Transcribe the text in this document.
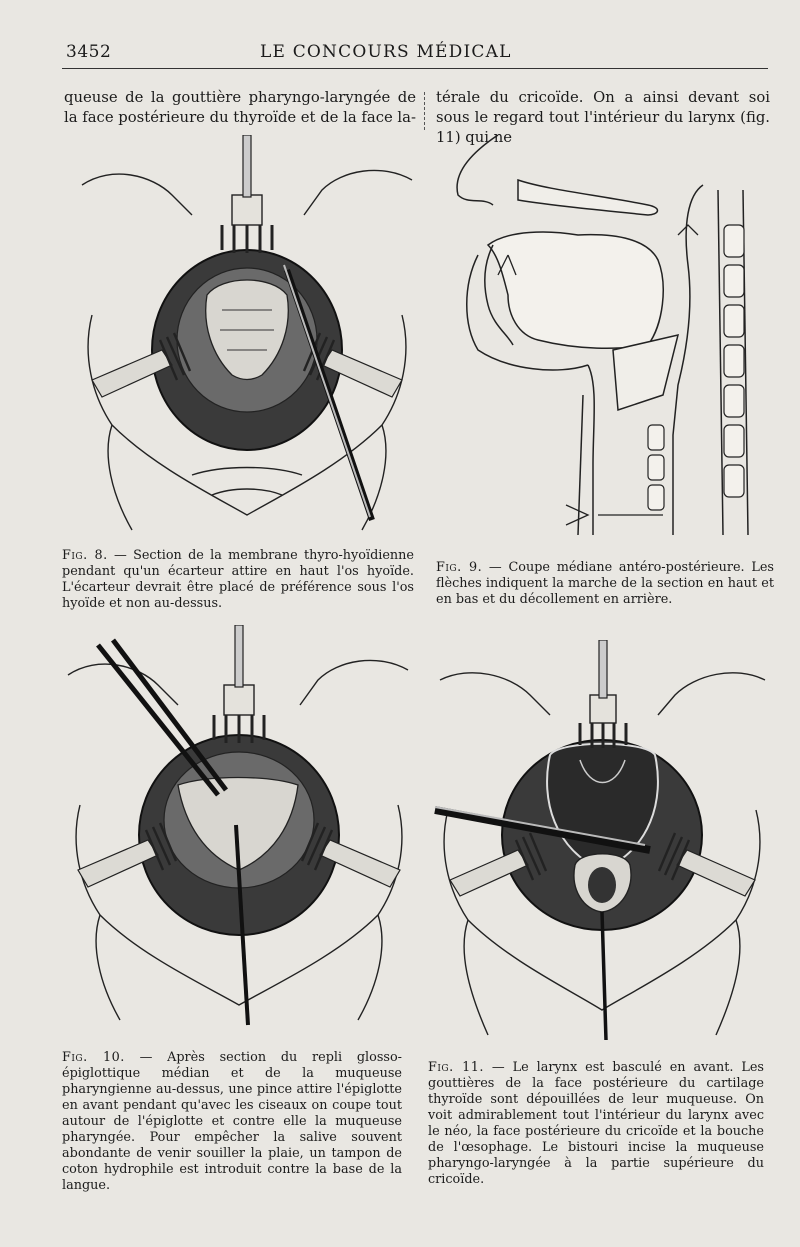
3452	LE CONCOURS MÉDICAL
queuse de la gouttière pharyngo-laryngée de la face postérieure du thyroïde et de la face la-
térale du cricoïde. On a ainsi devant soi sous le regard tout l'intérieur du larynx (fig. 11) qui ne
Fig. 8. — Section de la membrane thyro-hyoïdienne pendant qu'un écarteur attire en haut l'os hyoïde. L'écarteur devrait être placé de préférence sous l'os hyoïde et non au-dessus.
Fig. 9. — Coupe médiane antéro-postérieure. Les flèches indiquent la marche de la section en haut et en bas et du décollement en arrière.
Fig. 10. — Après section du repli glosso-épiglottique médian et de la muqueuse pharyngienne au-dessus, une pince attire l'épiglotte en avant pendant qu'avec les ciseaux on coupe tout autour de l'épiglotte et contre elle la muqueuse pharyngée. Pour empêcher la salive souvent abondante de venir souiller la plaie, un tampon de coton hydrophile est introduit contre la base de la langue.
Fig. 11. — Le larynx est basculé en avant. Les gouttières de la face postérieure du cartilage thyroïde sont dépouillées de leur muqueuse. On voit admirablement tout l'intérieur du larynx avec le néo, la face postérieure du cricoïde et la bouche de l'œsophage. Le bistouri incise la muqueuse pharyngo-laryngée à la partie supérieure du cricoïde.
